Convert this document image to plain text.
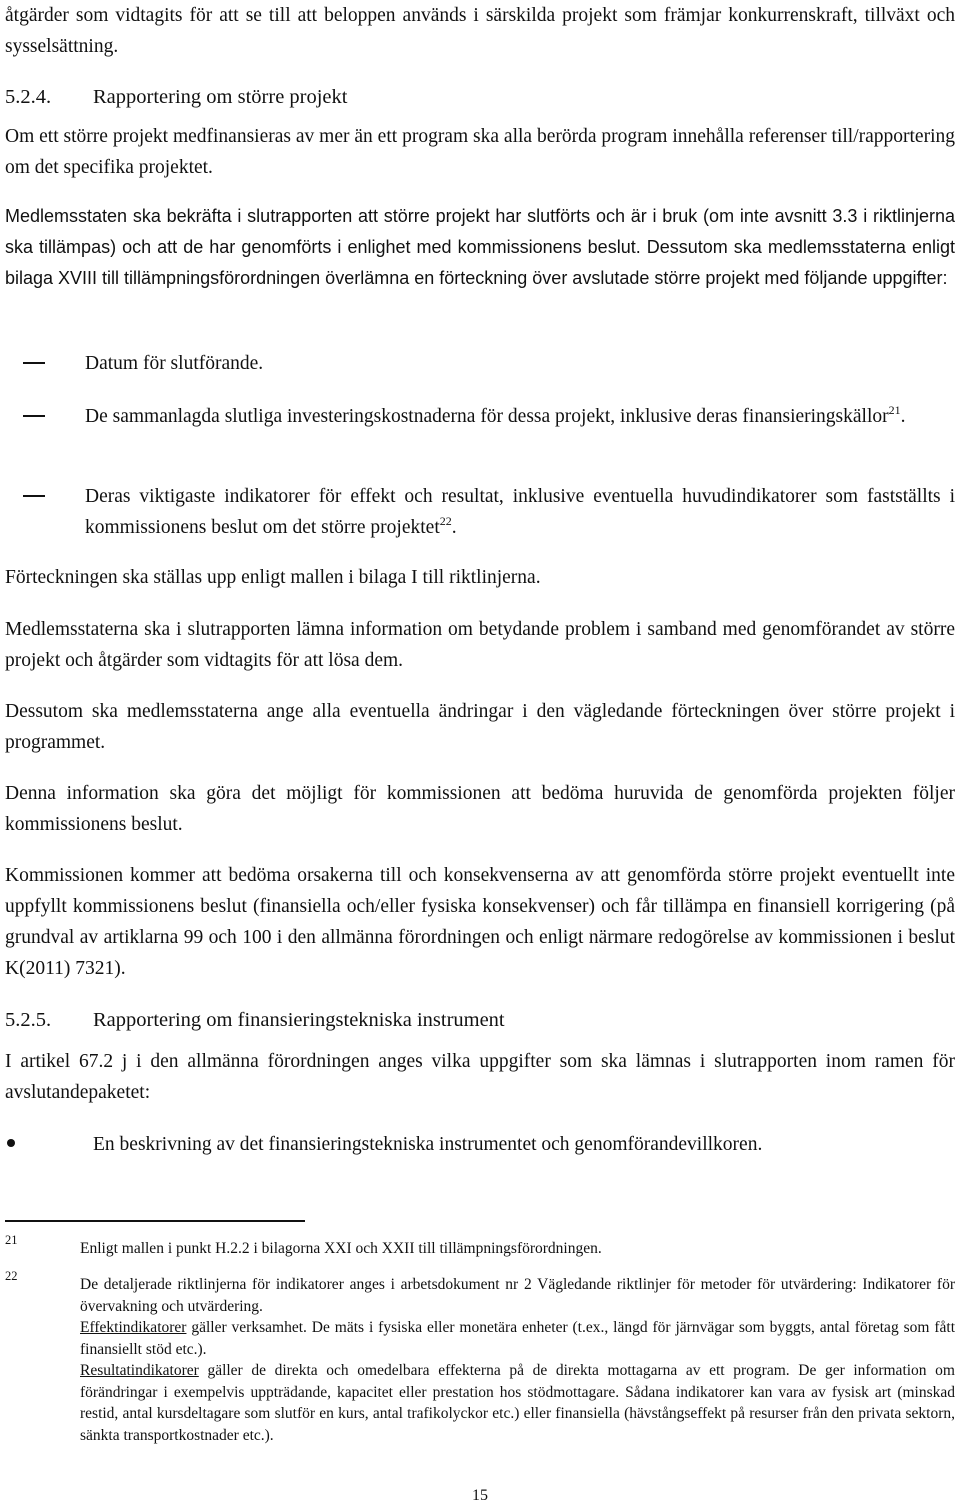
åtgärder som vidtagits för att se till att beloppen används i särskilda projekt som främjar konkurrenskraft, tillväxt och sysselsättning.

5.2.4. Rapportering om större projekt

Om ett större projekt medfinansieras av mer än ett program ska alla berörda program innehålla referenser till/rapportering om det specifika projektet.

Medlemsstaten ska bekräfta i slutrapporten att större projekt har slutförts och är i bruk (om inte avsnitt 3.3 i riktlinjerna ska tillämpas) och att de har genomförts i enlighet med kommissionens beslut. Dessutom ska medlemsstaterna enligt bilaga XVIII till tillämpningsförordningen överlämna en förteckning över avslutade större projekt med följande uppgifter:

Datum för slutförande.

De sammanlagda slutliga investeringskostnaderna för dessa projekt, inklusive deras finansieringskällor$^{21}$.

Deras viktigaste indikatorer för effekt och resultat, inklusive eventuella huvudindikatorer som fastställts i kommissionens beslut om det större projektet$^{22}$.

Förteckningen ska ställas upp enligt mallen i bilaga I till riktlinjerna.

Medlemsstaterna ska i slutrapporten lämna information om betydande problem i samband med genomförandet av större projekt och åtgärder som vidtagits för att lösa dem.

Dessutom ska medlemsstaterna ange alla eventuella ändringar i den vägledande förteckningen över större projekt i programmet.

Denna information ska göra det möjligt för kommissionen att bedöma huruvida de genomförda projekten följer kommissionens beslut.

Kommissionen kommer att bedöma orsakerna till och konsekvenserna av att genomförda större projekt eventuellt inte uppfyllt kommissionens beslut (finansiella och/eller fysiska konsekvenser) och får tillämpa en finansiell korrigering (på grundval av artiklarna 99 och 100 i den allmänna förordningen och enligt närmare redogörelse av kommissionen i beslut K(2011) 7321).

5.2.5. Rapportering om finansieringstekniska instrument

I artikel 67.2 j i den allmänna förordningen anges vilka uppgifter som ska lämnas i slutrapporten inom ramen för avslutandepaketet:

En beskrivning av det finansieringstekniska instrumentet och genomförandevillkoren.

21	Enligt mallen i punkt H.2.2 i bilagorna XXI och XXII till tillämpningsförordningen.

22	De detaljerade riktlinjerna för indikatorer anges i arbetsdokument nr 2 Vägledande riktlinjer för metoder för utvärdering: Indikatorer för övervakning och utvärdering.

Effektindikatorer gäller verksamhet. De mäts i fysiska eller monetära enheter (t.ex., längd för järnvägar som byggts, antal företag som fått finansiellt stöd etc.).

Resultatindikatorer gäller de direkta och omedelbara effekterna på de direkta mottagarna av ett program. De ger information om förändringar i exempelvis uppträdande, kapacitet eller prestation hos stödmottagare. Sådana indikatorer kan vara av fysisk art (minskad restid, antal kursdeltagare som slutför en kurs, antal trafikolyckor etc.) eller finansiella (hävstångseffekt på resurser från den privata sektorn, sänkta transportkostnader etc.).

15
